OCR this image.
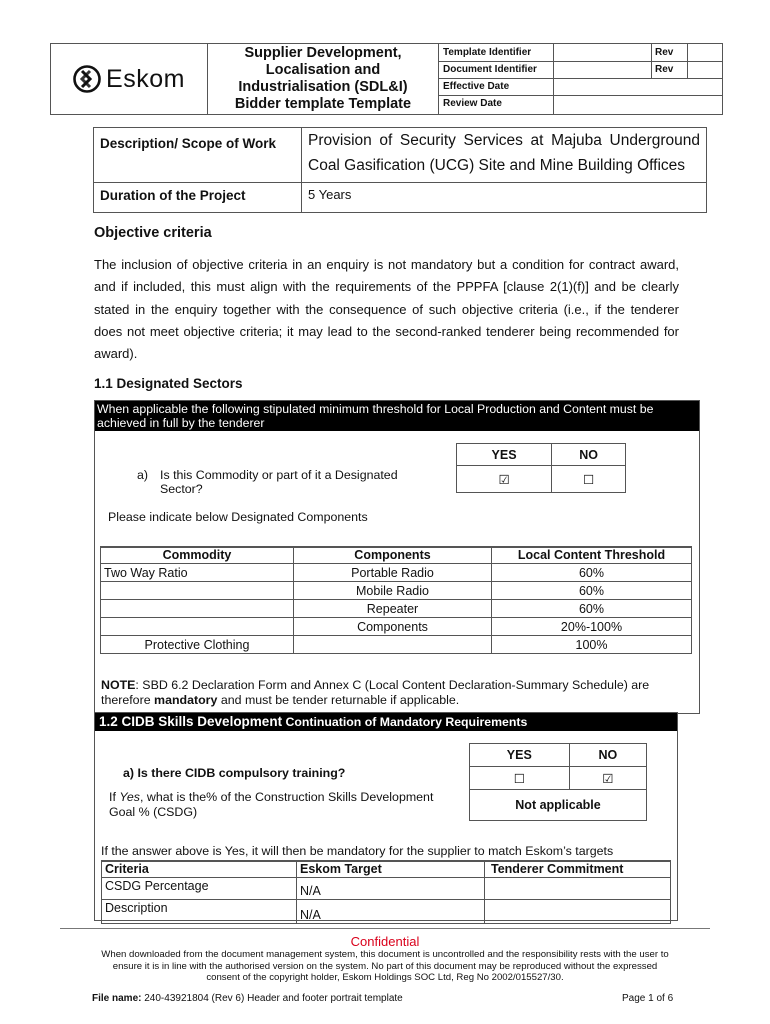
Eskom
Supplier Development,
Localisation and
Industrialisation (SDL&I)
Bidder template Template
Template Identifier	Rev
Document Identifier	Rev
Effective Date
Review Date
Description/ Scope of Work	Provision of Security Services at Majuba Underground Coal Gasification (UCG) Site and Mine Building Offices
Duration of the Project	5 Years
Objective criteria
The inclusion of objective criteria in an enquiry is not mandatory but a condition for contract award, and if included, this must align with the requirements of the PPPFA [clause 2(1)(f)] and be clearly stated in the enquiry together with the consequence of such objective criteria (i.e., if the tenderer does not meet objective criteria; it may lead to the second-ranked tenderer being recommended for award).
1.1 Designated Sectors
When applicable the following stipulated minimum threshold for Local Production and Content must be achieved in full by the tenderer
YES	NO
☑	☐
a) Is this Commodity or part of it a Designated Sector?
Please indicate below Designated Components
Commodity	Components	Local Content Threshold
Two Way Ratio	Portable Radio	60%
	Mobile Radio	60%
	Repeater	60%
	Components	20%-100%
Protective Clothing		100%
NOTE: SBD 6.2 Declaration Form and Annex C (Local Content Declaration-Summary Schedule) are therefore mandatory and must be tender returnable if applicable.
1.2 CIDB Skills Development Continuation of Mandatory Requirements
YES	NO
☐	☑
Not applicable	
a) Is there CIDB compulsory training?
If Yes, what is the% of the Construction Skills Development Goal % (CSDG)
If the answer above is Yes, it will then be mandatory for the supplier to match Eskom’s targets
Criteria	Eskom Target	Tenderer Commitment
CSDG Percentage	N/A	
Description	N/A	
Confidential
When downloaded from the document management system, this document is uncontrolled and the responsibility rests with the user to ensure it is in line with the authorised version on the system. No part of this document may be reproduced without the expressed consent of the copyright holder, Eskom Holdings SOC Ltd, Reg No 2002/015527/30.
File name: 240-43921804 (Rev 6) Header and footer portrait template	Page 1 of 6
